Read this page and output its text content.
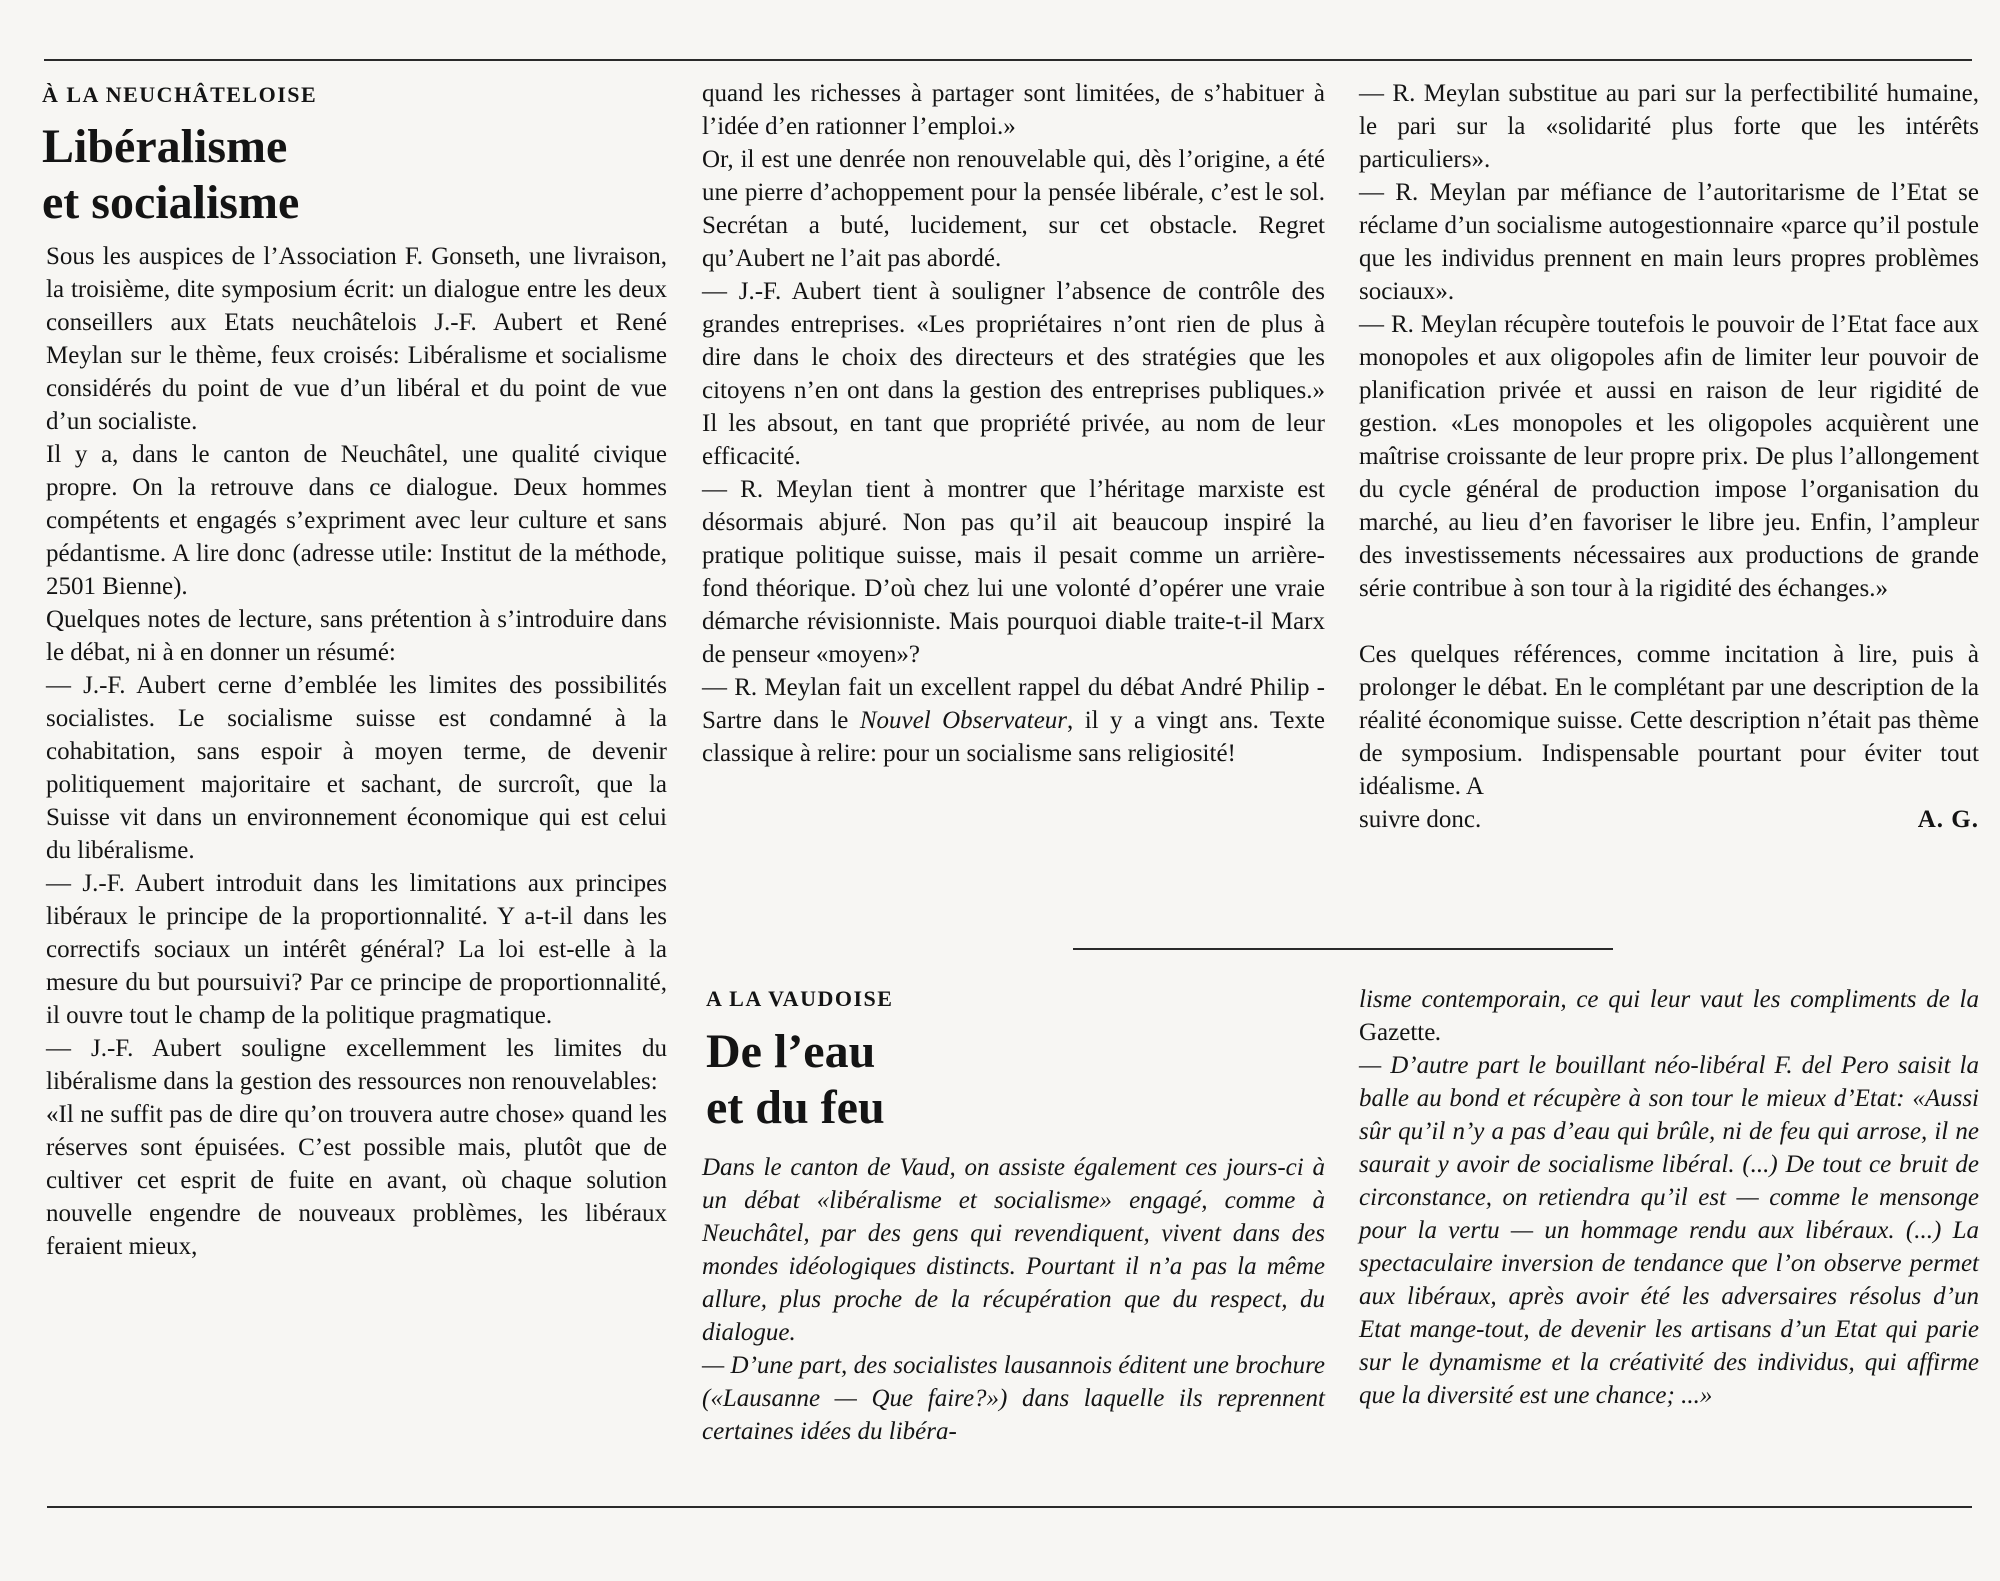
À LA NEUCHÂTELOISE

Libéralisme
et socialisme

Sous les auspices de l’Association F. Gonseth, une livraison, la troisième, dite symposium écrit: un dialogue entre les deux conseillers aux Etats neuchâtelois J.-F. Aubert et René Meylan sur le thème, feux croisés: Libéralisme et socialisme considérés du point de vue d’un libéral et du point de vue d’un socialiste.

Il y a, dans le canton de Neuchâtel, une qualité civique propre. On la retrouve dans ce dialogue. Deux hommes compétents et engagés s’expriment avec leur culture et sans pédantisme. A lire donc (adresse utile: Institut de la méthode, 2501 Bienne).

Quelques notes de lecture, sans prétention à s’introduire dans le débat, ni à en donner un résumé:

— J.-F. Aubert cerne d’emblée les limites des possibilités socialistes. Le socialisme suisse est condamné à la cohabitation, sans espoir à moyen terme, de devenir politiquement majoritaire et sachant, de surcroît, que la Suisse vit dans un environnement économique qui est celui du libéralisme.

— J.-F. Aubert introduit dans les limitations aux principes libéraux le principe de la proportionnalité. Y a-t-il dans les correctifs sociaux un intérêt général? La loi est-elle à la mesure du but poursuivi? Par ce principe de proportionnalité, il ouvre tout le champ de la politique pragmatique.

— J.-F. Aubert souligne excellemment les limites du libéralisme dans la gestion des ressources non renouvelables:

«Il ne suffit pas de dire qu’on trouvera autre chose» quand les réserves sont épuisées. C’est possible mais, plutôt que de cultiver cet esprit de fuite en avant, où chaque solution nouvelle engendre de nouveaux problèmes, les libéraux feraient mieux,

quand les richesses à partager sont limitées, de s’habituer à l’idée d’en rationner l’emploi.»

Or, il est une denrée non renouvelable qui, dès l’origine, a été une pierre d’achoppement pour la pensée libérale, c’est le sol. Secrétan a buté, lucidement, sur cet obstacle. Regret qu’Aubert ne l’ait pas abordé.

— J.-F. Aubert tient à souligner l’absence de contrôle des grandes entreprises. «Les propriétaires n’ont rien de plus à dire dans le choix des directeurs et des stratégies que les citoyens n’en ont dans la gestion des entreprises publiques.» Il les absout, en tant que propriété privée, au nom de leur efficacité.

— R. Meylan tient à montrer que l’héritage marxiste est désormais abjuré. Non pas qu’il ait beaucoup inspiré la pratique politique suisse, mais il pesait comme un arrière-fond théorique. D’où chez lui une volonté d’opérer une vraie démarche révisionniste. Mais pourquoi diable traite-t-il Marx de penseur «moyen»?

— R. Meylan fait un excellent rappel du débat André Philip - Sartre dans le Nouvel Observateur, il y a vingt ans. Texte classique à relire: pour un socialisme sans religiosité!

— R. Meylan substitue au pari sur la perfectibilité humaine, le pari sur la «solidarité plus forte que les intérêts particuliers».

— R. Meylan par méfiance de l’autoritarisme de l’Etat se réclame d’un socialisme autogestionnaire «parce qu’il postule que les individus prennent en main leurs propres problèmes sociaux».

— R. Meylan récupère toutefois le pouvoir de l’Etat face aux monopoles et aux oligopoles afin de limiter leur pouvoir de planification privée et aussi en raison de leur rigidité de gestion. «Les monopoles et les oligopoles acquièrent une maîtrise croissante de leur propre prix. De plus l’allongement du cycle général de production impose l’organisation du marché, au lieu d’en favoriser le libre jeu. Enfin, l’ampleur des investissements nécessaires aux productions de grande série contribue à son tour à la rigidité des échanges.»

Ces quelques références, comme incitation à lire, puis à prolonger le débat. En le complétant par une description de la réalité économique suisse. Cette description n’était pas thème de symposium. Indispensable pourtant pour éviter tout idéalisme. A

suivre donc.	A. G.

A LA VAUDOISE

De l’eau
et du feu

Dans le canton de Vaud, on assiste également ces jours-ci à un débat «libéralisme et socialisme» engagé, comme à Neuchâtel, par des gens qui revendiquent, vivent dans des mondes idéologiques distincts. Pourtant il n’a pas la même allure, plus proche de la récupération que du respect, du dialogue.

— D’une part, des socialistes lausannois éditent une brochure («Lausanne — Que faire?») dans laquelle ils reprennent certaines idées du libéra-

lisme contemporain, ce qui leur vaut les compliments de la Gazette.

— D’autre part le bouillant néo-libéral F. del Pero saisit la balle au bond et récupère à son tour le mieux d’Etat: «Aussi sûr qu’il n’y a pas d’eau qui brûle, ni de feu qui arrose, il ne saurait y avoir de socialisme libéral. (...) De tout ce bruit de circonstance, on retiendra qu’il est — comme le mensonge pour la vertu — un hommage rendu aux libéraux. (...) La spectaculaire inversion de tendance que l’on observe permet aux libéraux, après avoir été les adversaires résolus d’un Etat mange-tout, de devenir les artisans d’un Etat qui parie sur le dynamisme et la créativité des individus, qui affirme que la diversité est une chance; ...»
